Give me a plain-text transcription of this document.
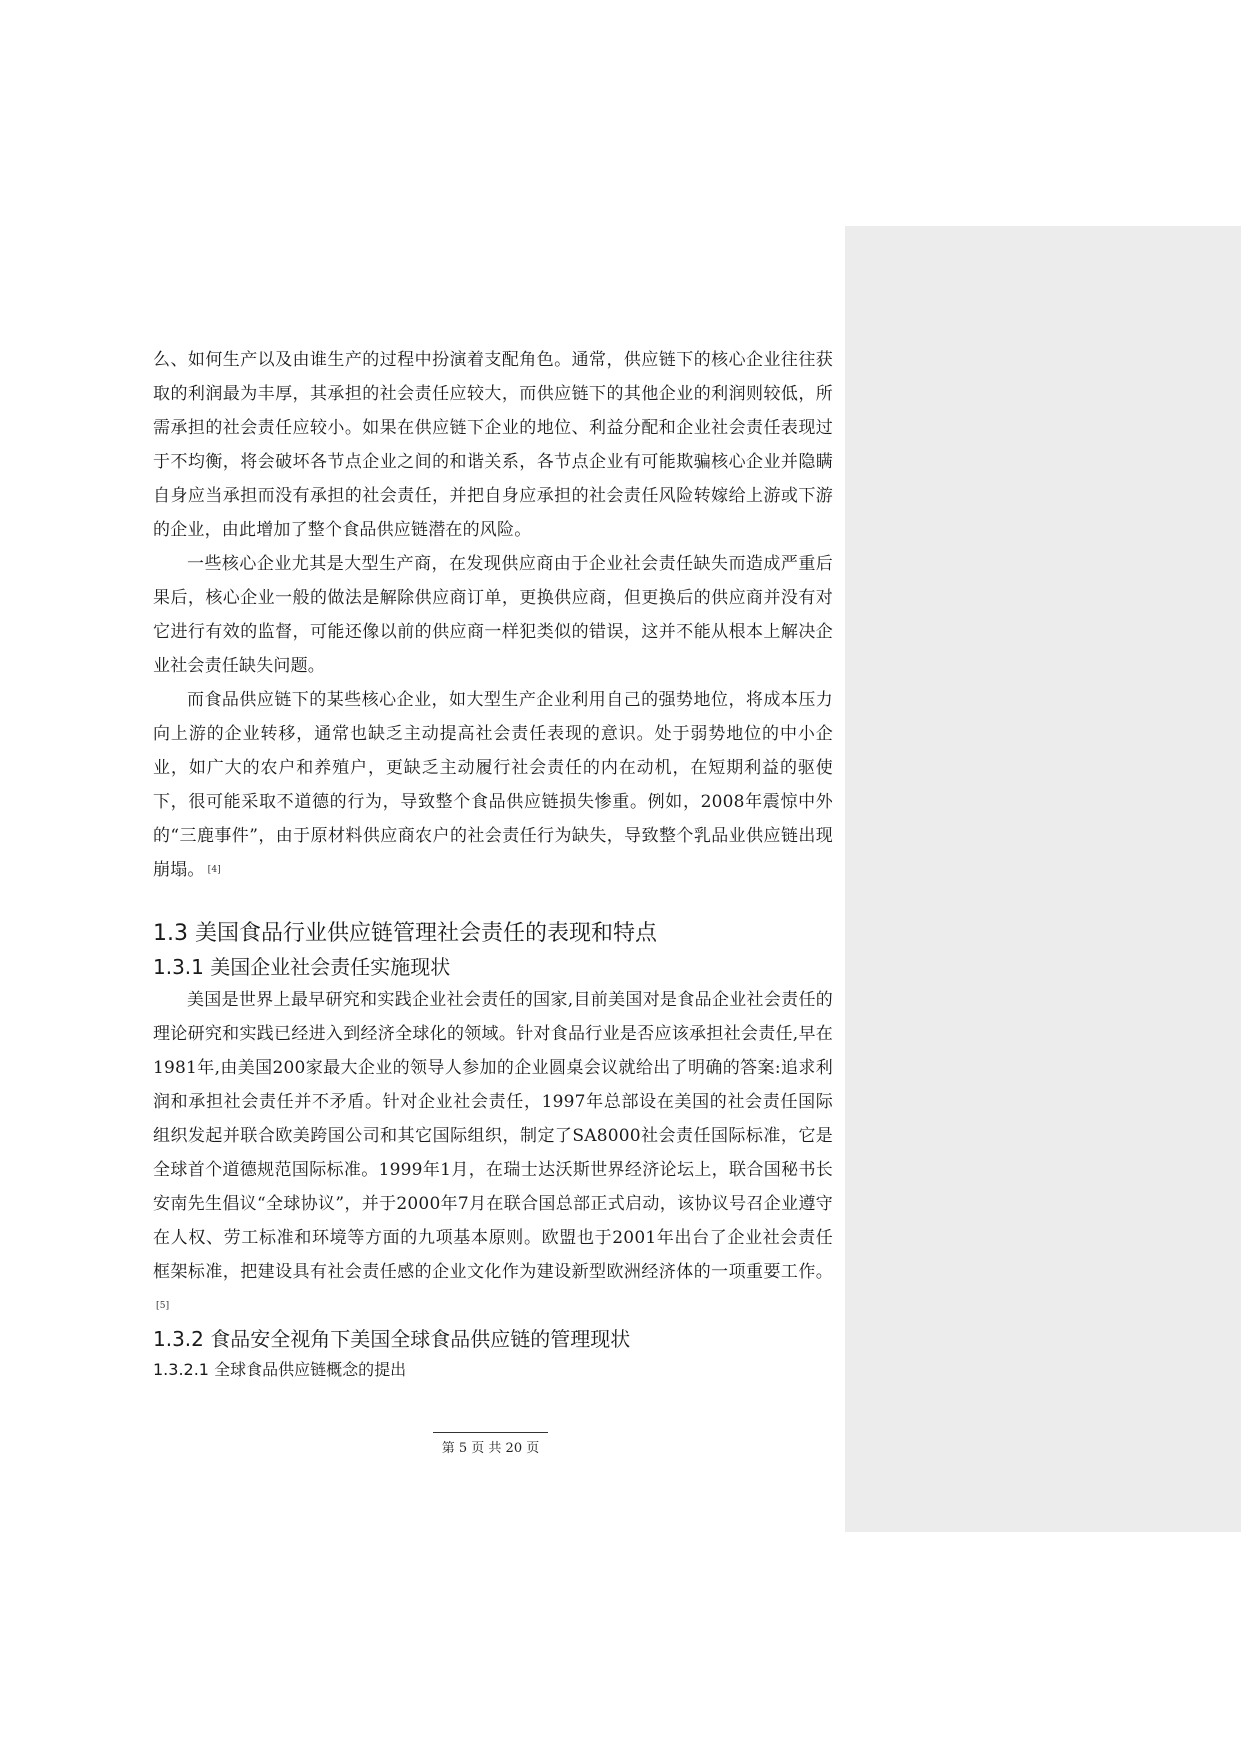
么、如何生产以及由谁生产的过程中扮演着支配角色。通常，供应链下的核心企业往往获取的利润最为丰厚，其承担的社会责任应较大，而供应链下的其他企业的利润则较低，所需承担的社会责任应较小。如果在供应链下企业的地位、利益分配和企业社会责任表现过于不均衡，将会破坏各节点企业之间的和谐关系，各节点企业有可能欺骗核心企业并隐瞒自身应当承担而没有承担的社会责任，并把自身应承担的社会责任风险转嫁给上游或下游的企业，由此增加了整个食品供应链潜在的风险。

一些核心企业尤其是大型生产商，在发现供应商由于企业社会责任缺失而造成严重后果后，核心企业一般的做法是解除供应商订单，更换供应商，但更换后的供应商并没有对它进行有效的监督，可能还像以前的供应商一样犯类似的错误，这并不能从根本上解决企业社会责任缺失问题。

而食品供应链下的某些核心企业，如大型生产企业利用自己的强势地位，将成本压力向上游的企业转移，通常也缺乏主动提高社会责任表现的意识。处于弱势地位的中小企业，如广大的农户和养殖户，更缺乏主动履行社会责任的内在动机，在短期利益的驱使下，很可能采取不道德的行为，导致整个食品供应链损失惨重。例如，2008年震惊中外的“三鹿事件”，由于原材料供应商农户的社会责任行为缺失，导致整个乳品业供应链出现崩塌。 [4]

1.3 美国食品行业供应链管理社会责任的表现和特点
1.3.1 美国企业社会责任实施现状

美国是世界上最早研究和实践企业社会责任的国家,目前美国对是食品企业社会责任的理论研究和实践已经进入到经济全球化的领域。针对食品行业是否应该承担社会责任,早在1981年,由美国200家最大企业的领导人参加的企业圆桌会议就给出了明确的答案:追求利润和承担社会责任并不矛盾。针对企业社会责任，1997年总部设在美国的社会责任国际组织发起并联合欧美跨国公司和其它国际组织，制定了SA8000社会责任国际标准，它是全球首个道德规范国际标准。1999年1月，在瑞士达沃斯世界经济论坛上，联合国秘书长安南先生倡议“全球协议”，并于2000年7月在联合国总部正式启动，该协议号召企业遵守在人权、劳工标准和环境等方面的九项基本原则。欧盟也于2001年出台了企业社会责任框架标准，把建设具有社会责任感的企业文化作为建设新型欧洲经济体的一项重要工作。[5]

1.3.2 食品安全视角下美国全球食品供应链的管理现状
1.3.2.1 全球食品供应链概念的提出
第 5 页 共 20 页
